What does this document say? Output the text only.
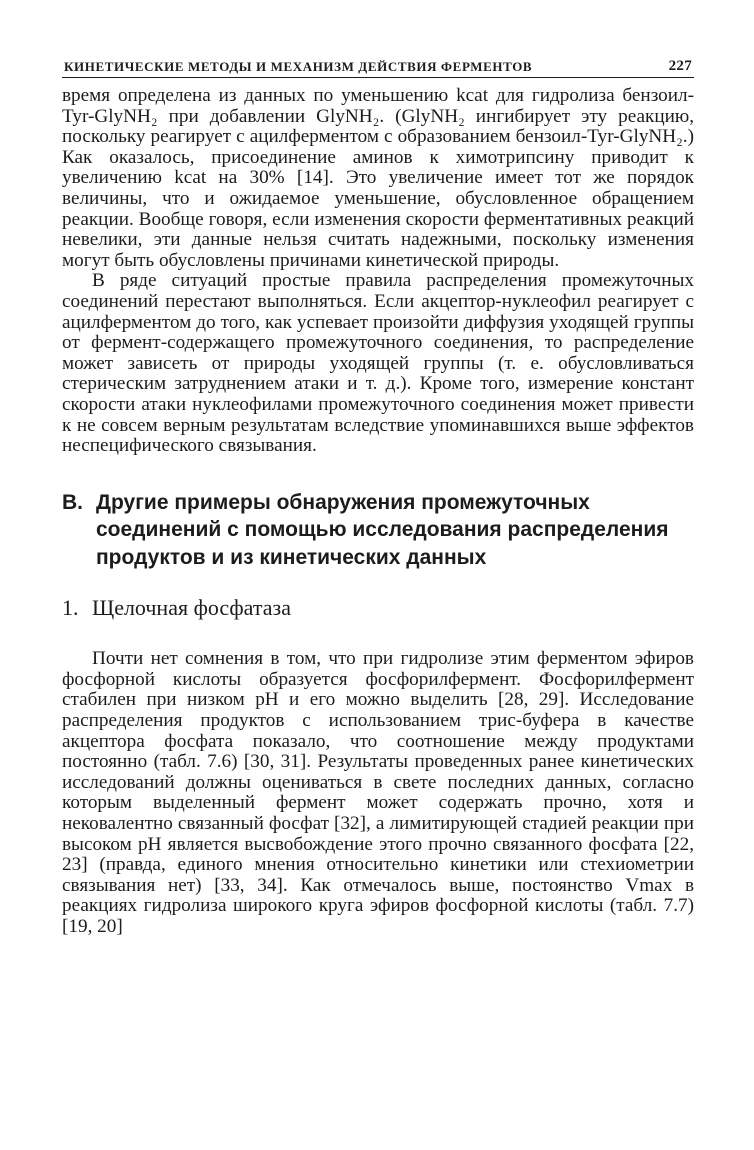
КИНЕТИЧЕСКИЕ МЕТОДЫ И МЕХАНИЗМ ДЕЙСТВИЯ ФЕРМЕНТОВ	227

время определена из данных по уменьшению kcat для гидролиза бензоил-Tyr-GlyNH₂ при добавлении GlyNH₂. (GlyNH₂ ингибирует эту реакцию, поскольку реагирует с ацилферментом с образованием бензоил-Tyr-GlyNH₂.) Как оказалось, присоединение аминов к химотрипсину приводит к увеличению kcat на 30% [14]. Это увеличение имеет тот же порядок величины, что и ожидаемое уменьшение, обусловленное обращением реакции. Вообще говоря, если изменения скорости ферментативных реакций невелики, эти данные нельзя считать надежными, поскольку изменения могут быть обусловлены причинами кинетической природы.

В ряде ситуаций простые правила распределения промежуточных соединений перестают выполняться. Если акцептор-нуклеофил реагирует с ацилферментом до того, как успевает произойти диффузия уходящей группы от фермент-содержащего промежуточного соединения, то распределение может зависеть от природы уходящей группы (т. е. обусловливаться стерическим затруднением атаки и т. д.). Кроме того, измерение констант скорости атаки нуклеофилами промежуточного соединения может привести к не совсем верным результатам вследствие упоминавшихся выше эффектов неспецифического связывания.

В. Другие примеры обнаружения промежуточных соединений с помощью исследования распределения продуктов и из кинетических данных
1. Щелочная фосфатаза

Почти нет сомнения в том, что при гидролизе этим ферментом эфиров фосфорной кислоты образуется фосфорилфермент. Фосфорилфермент стабилен при низком pH и его можно выделить [28, 29]. Исследование распределения продуктов с использованием трис-буфера в качестве акцептора фосфата показало, что соотношение между продуктами постоянно (табл. 7.6) [30, 31]. Результаты проведенных ранее кинетических исследований должны оцениваться в свете последних данных, согласно которым выделенный фермент может содержать прочно, хотя и нековалентно связанный фосфат [32], а лимитирующей стадией реакции при высоком pH является высвобождение этого прочно связанного фосфата [22, 23] (правда, единого мнения относительно кинетики или стехиометрии связывания нет) [33, 34]. Как отмечалось выше, постоянство Vmax в реакциях гидролиза широкого круга эфиров фосфорной кислоты (табл. 7.7) [19, 20]
